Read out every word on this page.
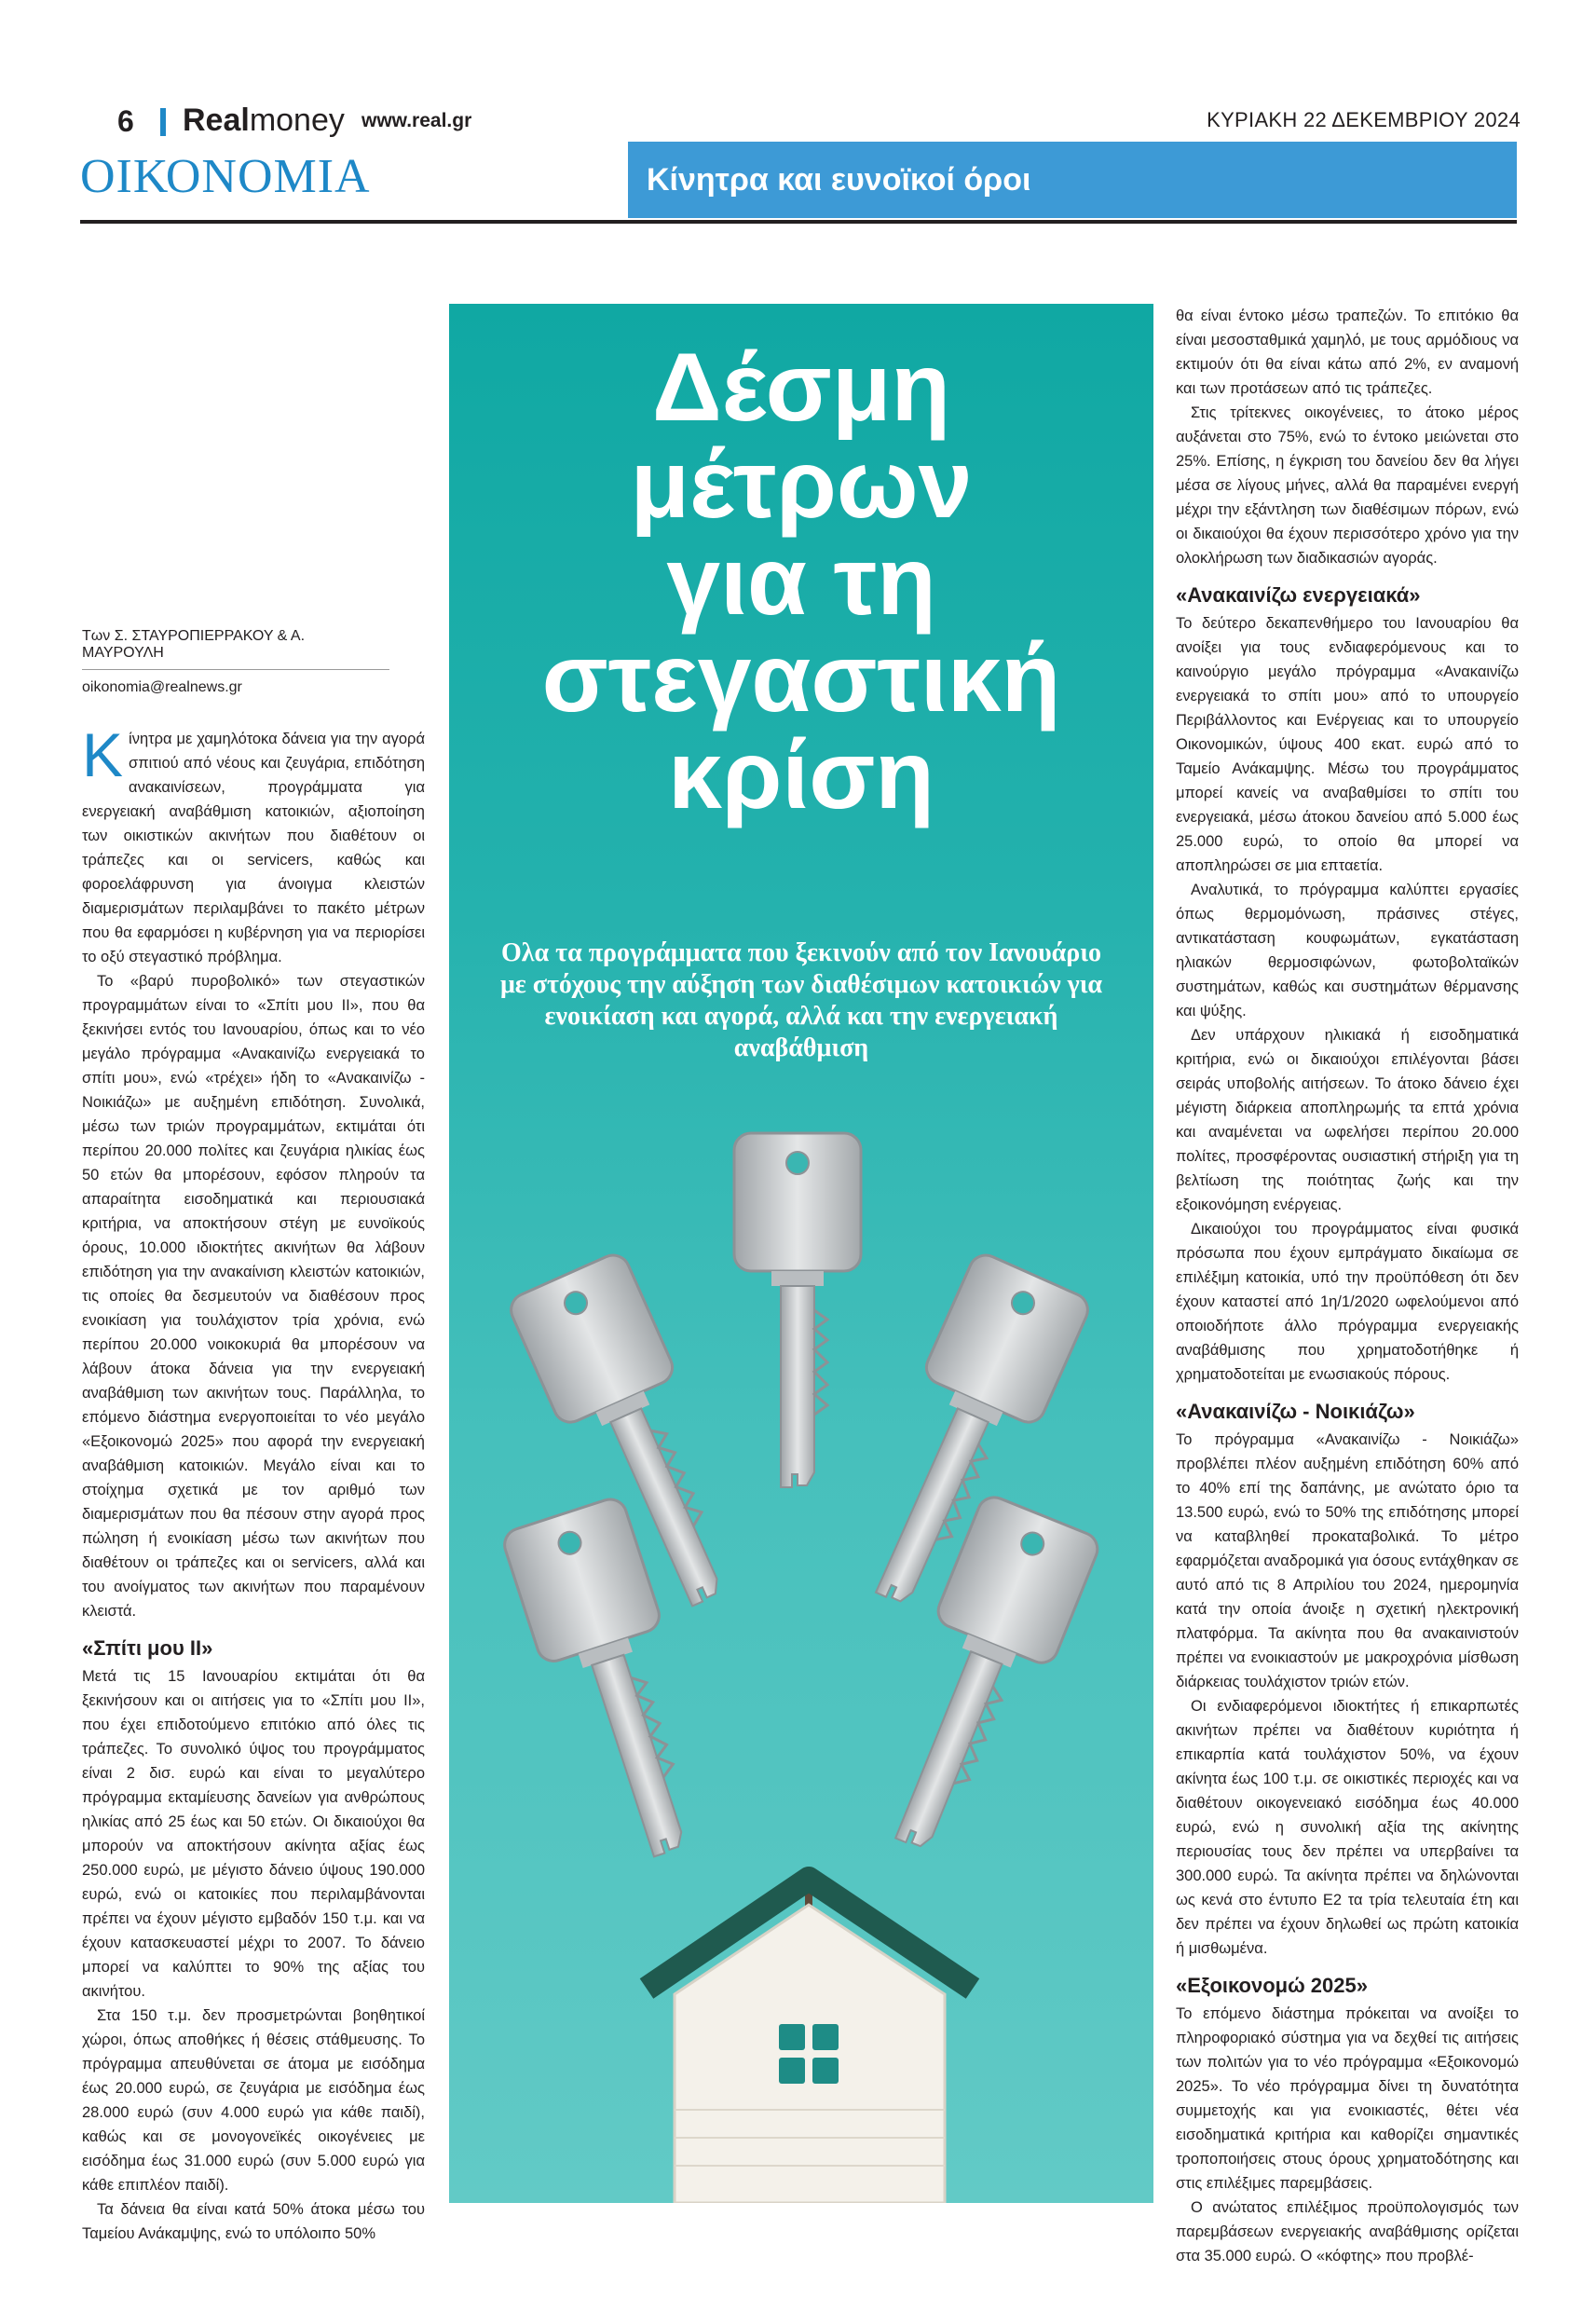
6 Realmoney www.real.gr	ΚΥΡΙΑΚΗ 22 ΔΕΚΕΜΒΡΙΟΥ 2024
ΟΙΚΟΝΟΜΙΑ	Κίνητρα και ευνοϊκοί όροι
Των Σ. ΣΤΑΥΡΟΠΙΕΡΡΑΚΟΥ & Α. ΜΑΥΡΟΥΛΗ
oikonomia@realnews.gr

Κίνητρα με χαμηλότοκα δάνεια για την αγορά σπιτιού από νέους και ζευγάρια, επιδότηση ανακαινίσεων, προγράμματα για ενεργειακή αναβάθμιση κατοικιών, αξιοποίηση των οικιστικών ακινήτων που διαθέτουν οι τράπεζες και οι servicers, καθώς και φοροελάφρυνση για άνοιγμα κλειστών διαμερισμάτων περιλαμβάνει το πακέτο μέτρων που θα εφαρμόσει η κυβέρνηση για να περιορίσει το οξύ στεγαστικό πρόβλημα.

Το «βαρύ πυροβολικό» των στεγαστικών προγραμμάτων είναι το «Σπίτι μου ΙΙ», που θα ξεκινήσει εντός του Ιανουαρίου, όπως και το νέο μεγάλο πρόγραμμα «Ανακαινίζω ενεργειακά το σπίτι μου», ενώ «τρέχει» ήδη το «Ανακαινίζω - Νοικιάζω» με αυξημένη επιδότηση. Συνολικά, μέσω των τριών προγραμμάτων, εκτιμάται ότι περίπου 20.000 πολίτες και ζευγάρια ηλικίας έως 50 ετών θα μπορέσουν, εφόσον πληρούν τα απαραίτητα εισοδηματικά και περιουσιακά κριτήρια, να αποκτήσουν στέγη με ευνοϊκούς όρους, 10.000 ιδιοκτήτες ακινήτων θα λάβουν επιδότηση για την ανακαίνιση κλειστών κατοικιών, τις οποίες θα δεσμευτούν να διαθέσουν προς ενοικίαση για τουλάχιστον τρία χρόνια, ενώ περίπου 20.000 νοικοκυριά θα μπορέσουν να λάβουν άτοκα δάνεια για την ενεργειακή αναβάθμιση των ακινήτων τους. Παράλληλα, το επόμενο διάστημα ενεργοποιείται το νέο μεγάλο «Εξοικονομώ 2025» που αφορά την ενεργειακή αναβάθμιση κατοικιών. Μεγάλο είναι και το στοίχημα σχετικά με τον αριθμό των διαμερισμάτων που θα πέσουν στην αγορά προς πώληση ή ενοικίαση μέσω των ακινήτων που διαθέτουν οι τράπεζες και οι servicers, αλλά και του ανοίγματος των ακινήτων που παραμένουν κλειστά.

«Σπίτι μου ΙΙ»

Μετά τις 15 Ιανουαρίου εκτιμάται ότι θα ξεκινήσουν και οι αιτήσεις για το «Σπίτι μου ΙΙ», που έχει επιδοτούμενο επιτόκιο από όλες τις τράπεζες. Το συνολικό ύψος του προγράμματος είναι 2 δισ. ευρώ και είναι το μεγαλύτερο πρόγραμμα εκταμίευσης δανείων για ανθρώπους ηλικίας από 25 έως και 50 ετών. Οι δικαιούχοι θα μπορούν να αποκτήσουν ακίνητα αξίας έως 250.000 ευρώ, με μέγιστο δάνειο ύψους 190.000 ευρώ, ενώ οι κατοικίες που περιλαμβάνονται πρέπει να έχουν μέγιστο εμβαδόν 150 τ.μ. και να έχουν κατασκευαστεί μέχρι το 2007. Το δάνειο μπορεί να καλύπτει το 90% της αξίας του ακινήτου.

Στα 150 τ.μ. δεν προσμετρώνται βοηθητικοί χώροι, όπως αποθήκες ή θέσεις στάθμευσης. Το πρόγραμμα απευθύνεται σε άτομα με εισόδημα έως 20.000 ευρώ, σε ζευγάρια με εισόδημα έως 28.000 ευρώ (συν 4.000 ευρώ για κάθε παιδί), καθώς και σε μονογονεϊκές οικογένειες με εισόδημα έως 31.000 ευρώ (συν 5.000 ευρώ για κάθε επιπλέον παιδί).

Τα δάνεια θα είναι κατά 50% άτοκα μέσω του Ταμείου Ανάκαμψης, ενώ το υπόλοιπο 50%

Δέσμη
μέτρων
για τη
στεγαστική
κρίση
Ολα τα προγράμματα που ξεκινούν από τον Ιανουάριο με στόχους την αύξηση των διαθέσιμων κατοικιών για ενοικίαση και αγορά, αλλά και την ενεργειακή αναβάθμιση

θα είναι έντοκο μέσω τραπεζών. Το επιτόκιο θα είναι μεσοσταθμικά χαμηλό, με τους αρμόδιους να εκτιμούν ότι θα είναι κάτω από 2%, εν αναμονή και των προτάσεων από τις τράπεζες.

Στις τρίτεκνες οικογένειες, το άτοκο μέρος αυξάνεται στο 75%, ενώ το έντοκο μειώνεται στο 25%. Επίσης, η έγκριση του δανείου δεν θα λήγει μέσα σε λίγους μήνες, αλλά θα παραμένει ενεργή μέχρι την εξάντληση των διαθέσιμων πόρων, ενώ οι δικαιούχοι θα έχουν περισσότερο χρόνο για την ολοκλήρωση των διαδικασιών αγοράς.

«Ανακαινίζω ενεργειακά»

Το δεύτερο δεκαπενθήμερο του Ιανουαρίου θα ανοίξει για τους ενδιαφερόμενους και το καινούργιο μεγάλο πρόγραμμα «Ανακαινίζω ενεργειακά το σπίτι μου» από το υπουργείο Περιβάλλοντος και Ενέργειας και το υπουργείο Οικονομικών, ύψους 400 εκατ. ευρώ από το Ταμείο Ανάκαμψης. Μέσω του προγράμματος μπορεί κανείς να αναβαθμίσει το σπίτι του ενεργειακά, μέσω άτοκου δανείου από 5.000 έως 25.000 ευρώ, το οποίο θα μπορεί να αποπληρώσει σε μια επταετία.

Αναλυτικά, το πρόγραμμα καλύπτει εργασίες όπως θερμομόνωση, πράσινες στέγες, αντικατάσταση κουφωμάτων, εγκατάσταση ηλιακών θερμοσιφώνων, φωτοβολταϊκών συστημάτων, καθώς και συστημάτων θέρμανσης και ψύξης.

Δεν υπάρχουν ηλικιακά ή εισοδηματικά κριτήρια, ενώ οι δικαιούχοι επιλέγονται βάσει σειράς υποβολής αιτήσεων. Το άτοκο δάνειο έχει μέγιστη διάρκεια αποπληρωμής τα επτά χρόνια και αναμένεται να ωφελήσει περίπου 20.000 πολίτες, προσφέροντας ουσιαστική στήριξη για τη βελτίωση της ποιότητας ζωής και την εξοικονόμηση ενέργειας.

Δικαιούχοι του προγράμματος είναι φυσικά πρόσωπα που έχουν εμπράγματο δικαίωμα σε επιλέξιμη κατοικία, υπό την προϋπόθεση ότι δεν έχουν καταστεί από 1η/1/2020 ωφελούμενοι από οποιοδήποτε άλλο πρόγραμμα ενεργειακής αναβάθμισης που χρηματοδοτήθηκε ή χρηματοδοτείται με ενωσιακούς πόρους.

«Ανακαινίζω - Νοικιάζω»

Το πρόγραμμα «Ανακαινίζω - Νοικιάζω» προβλέπει πλέον αυξημένη επιδότηση 60% από το 40% επί της δαπάνης, με ανώτατο όριο τα 13.500 ευρώ, ενώ το 50% της επιδότησης μπορεί να καταβληθεί προκαταβολικά. Το μέτρο εφαρμόζεται αναδρομικά για όσους εντάχθηκαν σε αυτό από τις 8 Απριλίου του 2024, ημερομηνία κατά την οποία άνοιξε η σχετική ηλεκτρονική πλατφόρμα. Τα ακίνητα που θα ανακαινιστούν πρέπει να ενοικιαστούν με μακροχρόνια μίσθωση διάρκειας τουλάχιστον τριών ετών.

Οι ενδιαφερόμενοι ιδιοκτήτες ή επικαρπωτές ακινήτων πρέπει να διαθέτουν κυριότητα ή επικαρπία κατά τουλάχιστον 50%, να έχουν ακίνητα έως 100 τ.μ. σε οικιστικές περιοχές και να διαθέτουν οικογενειακό εισόδημα έως 40.000 ευρώ, ενώ η συνολική αξία της ακίνητης περιουσίας τους δεν πρέπει να υπερβαίνει τα 300.000 ευρώ. Τα ακίνητα πρέπει να δηλώνονται ως κενά στο έντυπο Ε2 τα τρία τελευταία έτη και δεν πρέπει να έχουν δηλωθεί ως πρώτη κατοικία ή μισθωμένα.

«Εξοικονομώ 2025»

Το επόμενο διάστημα πρόκειται να ανοίξει το πληροφοριακό σύστημα για να δεχθεί τις αιτήσεις των πολιτών για το νέο πρόγραμμα «Εξοικονομώ 2025». Το νέο πρόγραμμα δίνει τη δυνατότητα συμμετοχής και για ενοικιαστές, θέτει νέα εισοδηματικά κριτήρια και καθορίζει σημαντικές τροποποιήσεις στους όρους χρηματοδότησης και στις επιλέξιμες παρεμβάσεις.

Ο ανώτατος επιλέξιμος προϋπολογισμός των παρεμβάσεων ενεργειακής αναβάθμισης ορίζεται στα 35.000 ευρώ. Ο «κόφτης» που προβλέ-
